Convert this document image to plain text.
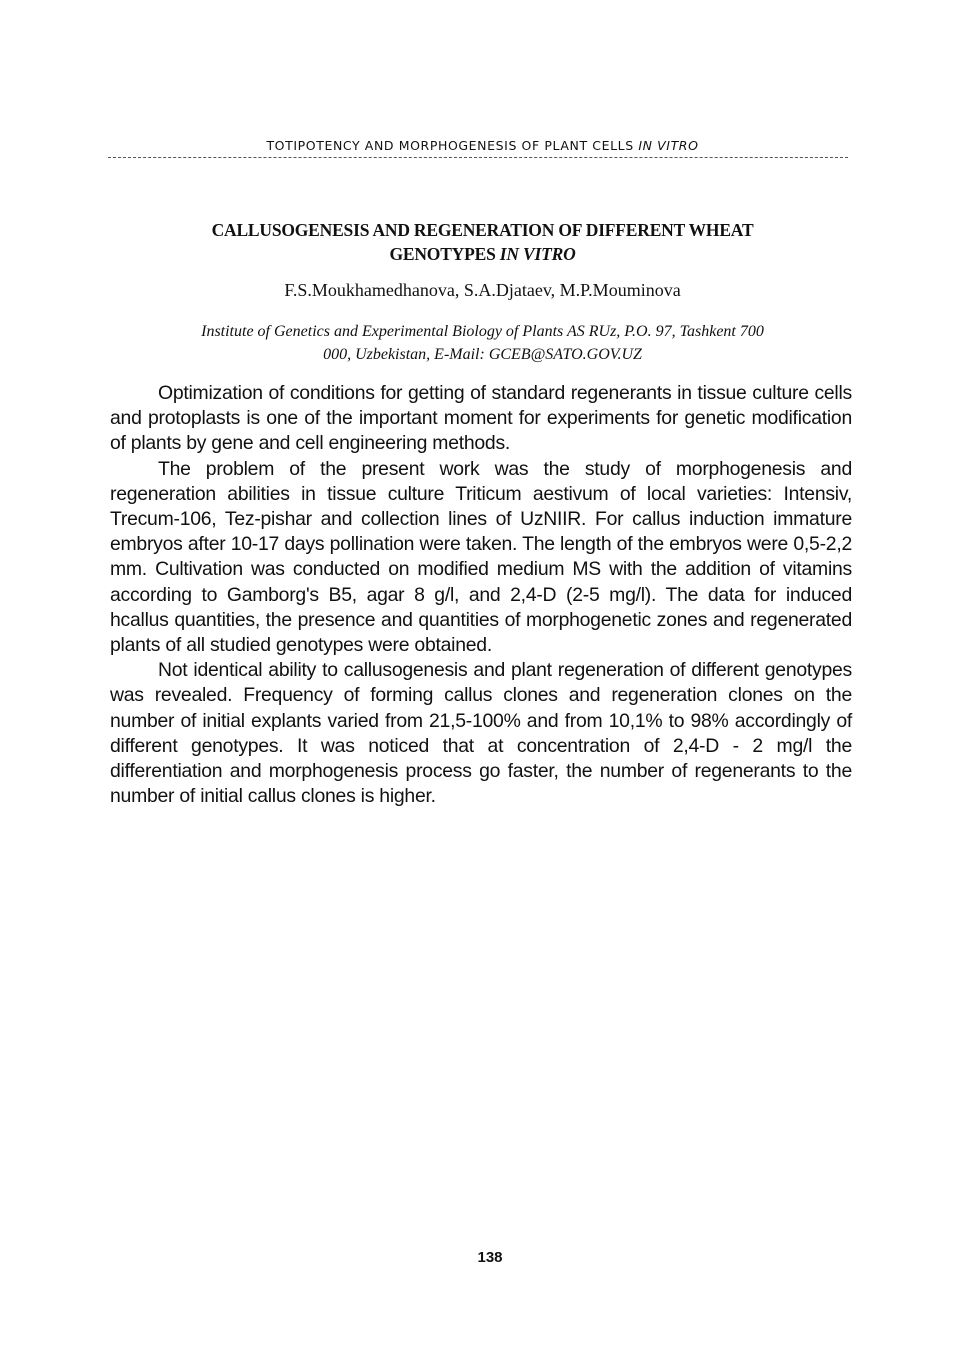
TOTIPOTENCY AND MORPHOGENESIS OF PLANT CELLS IN VITRO
CALLUSOGENESIS AND REGENERATION OF DIFFERENT WHEAT
GENOTYPES IN VITRO
F.S.Moukhamedhanova, S.A.Djataev, M.P.Mouminova
Institute of Genetics and Experimental Biology of Plants AS RUz, P.O. 97, Tashkent 700
000, Uzbekistan, E-Mail: GCEB@SATO.GOV.UZ

Optimization of conditions for getting of standard regenerants in tissue culture cells and protoplasts is one of the important moment for experiments for genetic modification of plants by gene and cell engineering methods.

The problem of the present work was the study of morphogenesis and regeneration abilities in tissue culture Triticum aestivum of local varieties: Intensiv, Trecum-106, Tez-pishar and collection lines of UzNIIR. For callus induction immature embryos after 10-17 days pollination were taken. The length of the embryos were 0,5-2,2 mm. Cultivation was conducted on modified medium MS with the addition of vitamins according to Gamborg's B5, agar 8 g/l, and 2,4-D (2-5 mg/l). The data for induced hcallus quantities, the presence and quantities of morphogenetic zones and regenerated plants of all studied genotypes were obtained.

Not identical ability to callusogenesis and plant regeneration of different genotypes was revealed. Frequency of forming callus clones and regeneration clones on the number of initial explants varied from 21,5-100% and from 10,1% to 98% accordingly of different genotypes. It was noticed that at concentration of 2,4-D - 2 mg/l the differentiation and morphogenesis process go faster, the number of regenerants to the number of initial callus clones is higher.

138
